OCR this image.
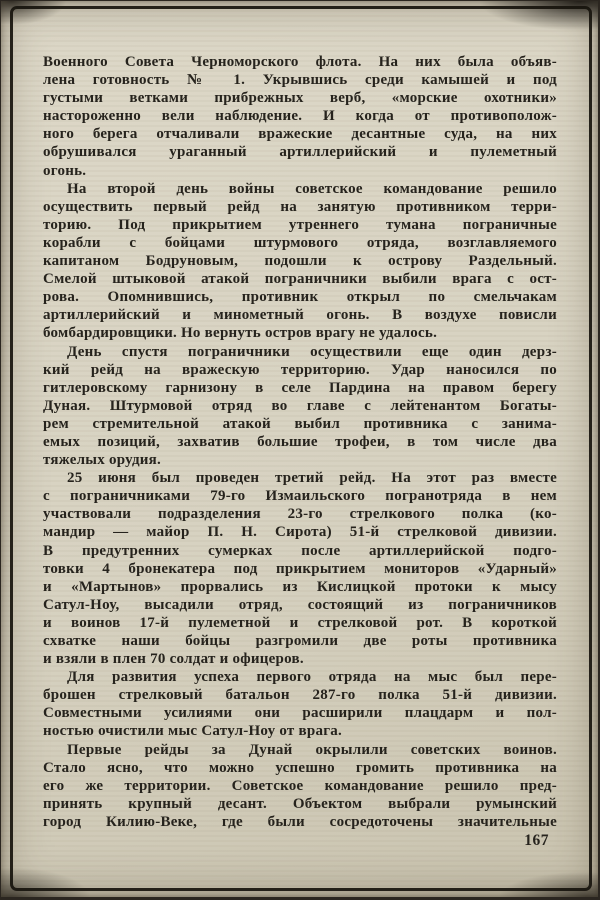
Военного Совета Черноморского флота. На них была объяв-
лена готовность № 1. Укрывшись среди камышей и под
густыми ветками прибрежных верб, «морские охотники»
настороженно вели наблюдение. И когда от противополож-
ного берега отчаливали вражеские десантные суда, на них
обрушивался ураганный артиллерийский и пулеметный
огонь.
На второй день войны советское командование решило
осуществить первый рейд на занятую противником терри-
торию. Под прикрытием утреннего тумана пограничные
корабли с бойцами штурмового отряда, возглавляемого
капитаном Бодруновым, подошли к острову Раздельный.
Смелой штыковой атакой пограничники выбили врага с ост-
рова. Опомнившись, противник открыл по смельчакам
артиллерийский и минометный огонь. В воздухе повисли
бомбардировщики. Но вернуть остров врагу не удалось.
День спустя пограничники осуществили еще один дерз-
кий рейд на вражескую территорию. Удар наносился по
гитлеровскому гарнизону в селе Пардина на правом берегу
Дуная. Штурмовой отряд во главе с лейтенантом Богаты-
рем стремительной атакой выбил противника с занима-
емых позиций, захватив большие трофеи, в том числе два
тяжелых орудия.
25 июня был проведен третий рейд. На этот раз вместе
с пограничниками 79-го Измаильского погранотряда в нем
участвовали подразделения 23-го стрелкового полка (ко-
мандир — майор П. Н. Сирота) 51-й стрелковой дивизии.
В предутренних сумерках после артиллерийской подго-
товки 4 бронекатера под прикрытием мониторов «Ударный»
и «Мартынов» прорвались из Кислицкой протоки к мысу
Сатул-Ноу, высадили отряд, состоящий из пограничников
и воинов 17-й пулеметной и стрелковой рот. В короткой
схватке наши бойцы разгромили две роты противника
и взяли в плен 70 солдат и офицеров.
Для развития успеха первого отряда на мыс был пере-
брошен стрелковый батальон 287-го полка 51-й дивизии.
Совместными усилиями они расширили плацдарм и пол-
ностью очистили мыс Сатул-Ноу от врага.
Первые рейды за Дунай окрылили советских воинов.
Стало ясно, что можно успешно громить противника на
его же территории. Советское командование решило пред-
принять крупный десант. Объектом выбрали румынский
город Килию-Веке, где были сосредоточены значительные
167
